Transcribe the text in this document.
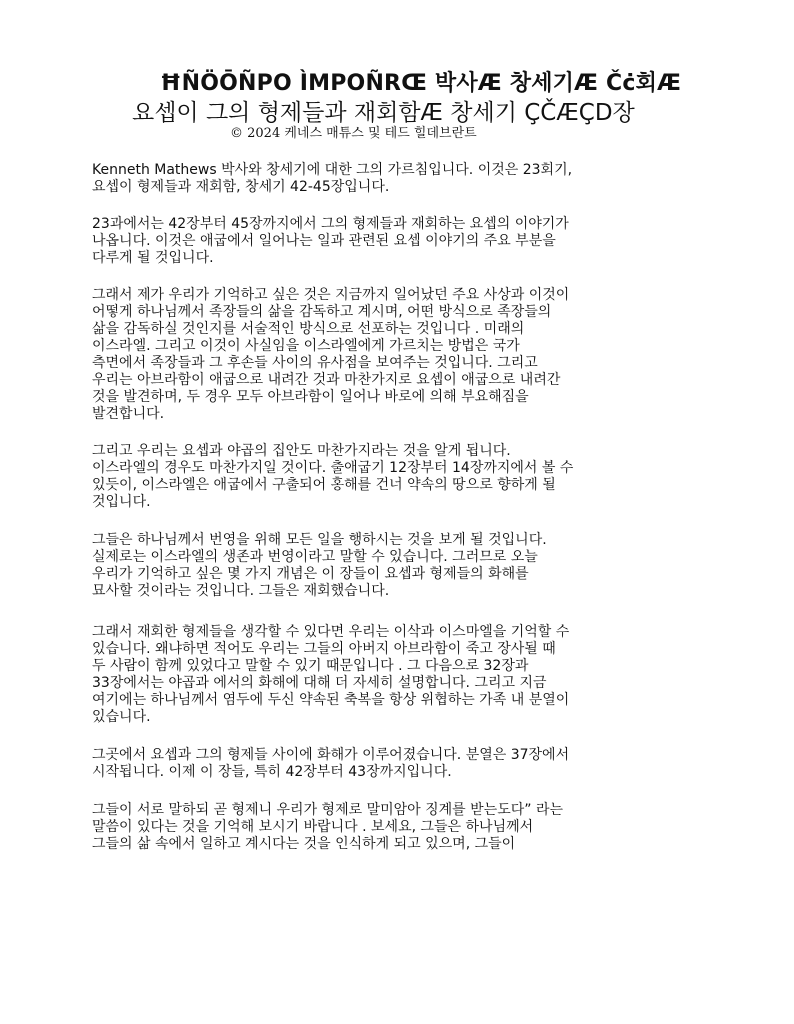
ĦÑÖŌÑPO ÌMPOÑRŒ 박사Æ 창세기Æ Č̇ċ회Æ
요셉이 그의 형제들과 재회함Æ 창세기 ÇČÆÇD장
© 2024 케네스 매튜스 및 테드 힐데브란트
Kenneth Mathews 박사와 창세기에 대한 그의 가르침입니다. 이것은 23회기,
요셉이 형제들과 재회함, 창세기 42-45장입니다.
23과에서는 42장부터 45장까지에서 그의 형제들과 재회하는 요셉의 이야기가
나옵니다. 이것은 애굽에서 일어나는 일과 관련된 요셉 이야기의 주요 부분을
다루게 될 것입니다.
그래서 제가 우리가 기억하고 싶은 것은 지금까지 일어났던 주요 사상과 이것이
어떻게 하나님께서 족장들의 삶을 감독하고 계시며, 어떤 방식으로 족장들의
삶을 감독하실 것인지를 서술적인 방식으로 선포하는 것입니다 . 미래의
이스라엘. 그리고 이것이 사실임을 이스라엘에게 가르치는 방법은 국가
측면에서 족장들과 그 후손들 사이의 유사점을 보여주는 것입니다. 그리고
우리는 아브라함이 애굽으로 내려간 것과 마찬가지로 요셉이 애굽으로 내려간
것을 발견하며, 두 경우 모두 아브라함이 일어나 바로에 의해 부요해짐을
발견합니다.
그리고 우리는 요셉과 야곱의 집안도 마찬가지라는 것을 알게 됩니다.
이스라엘의 경우도 마찬가지일 것이다. 출애굽기 12장부터 14장까지에서 볼 수
있듯이, 이스라엘은 애굽에서 구출되어 홍해를 건너 약속의 땅으로 향하게 될
것입니다.
그들은 하나님께서 번영을 위해 모든 일을 행하시는 것을 보게 될 것입니다.
실제로는 이스라엘의 생존과 번영이라고 말할 수 있습니다. 그러므로 오늘
우리가 기억하고 싶은 몇 가지 개념은 이 장들이 요셉과 형제들의 화해를
묘사할 것이라는 것입니다. 그들은 재회했습니다.
그래서 재회한 형제들을 생각할 수 있다면 우리는 이삭과 이스마엘을 기억할 수
있습니다. 왜냐하면 적어도 우리는 그들의 아버지 아브라함이 죽고 장사될 때
두 사람이 함께 있었다고 말할 수 있기 때문입니다 . 그 다음으로 32장과
33장에서는 야곱과 에서의 화해에 대해 더 자세히 설명합니다. 그리고 지금
여기에는 하나님께서 염두에 두신 약속된 축복을 항상 위협하는 가족 내 분열이
있습니다.
그곳에서 요셉과 그의 형제들 사이에 화해가 이루어졌습니다. 분열은 37장에서
시작됩니다. 이제 이 장들, 특히 42장부터 43장까지입니다.
그들이 서로 말하되 곧 형제니 우리가 형제로 말미암아 징계를 받는도다” 라는
말씀이 있다는 것을 기억해 보시기 바랍니다 . 보세요, 그들은 하나님께서
그들의 삶 속에서 일하고 계시다는 것을 인식하게 되고 있으며, 그들이
